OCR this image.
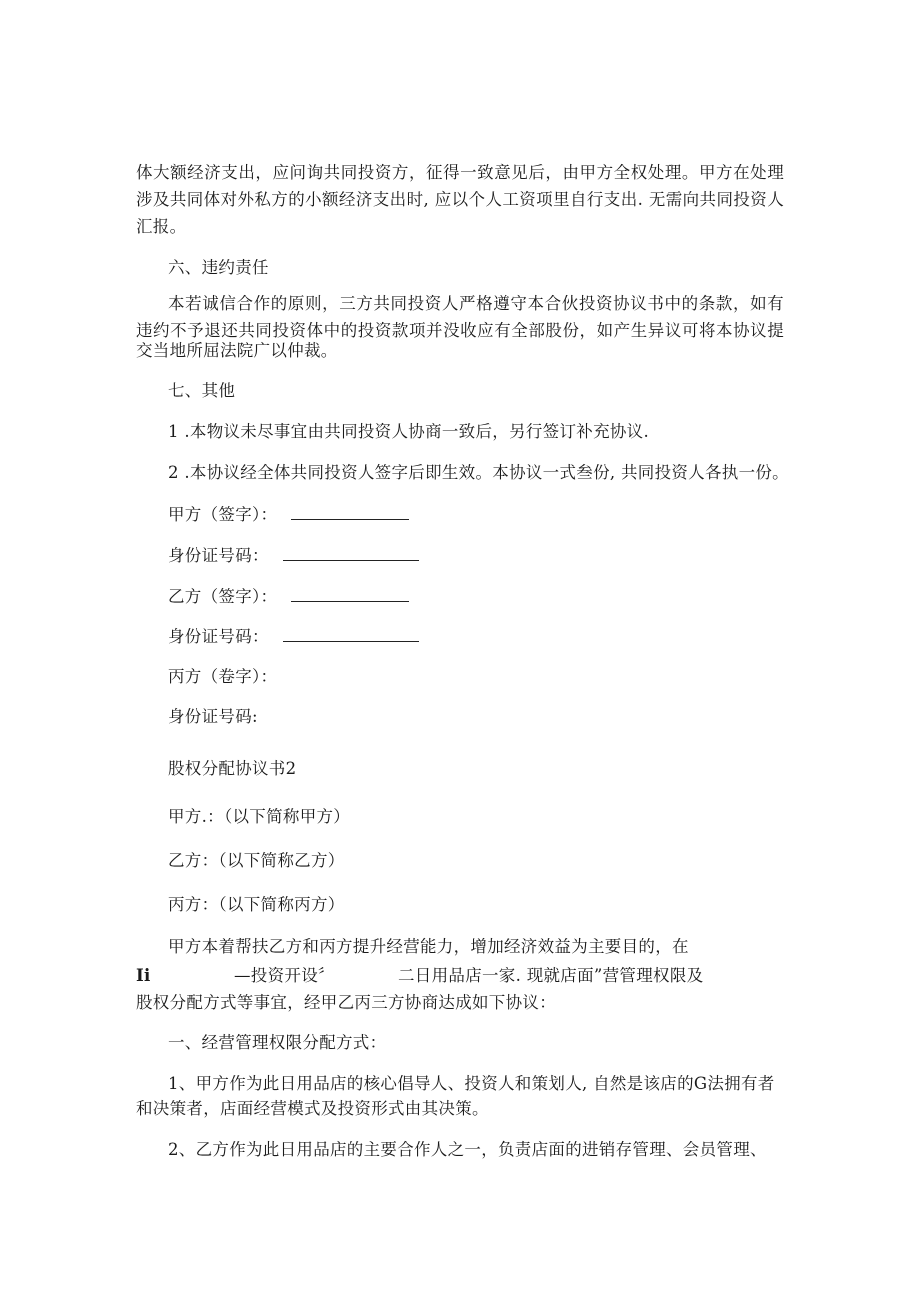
体大额经济支出，应问询共同投资方，征得一致意见后，由甲方全权处理。甲方在处理
涉及共同体对外私方的小额经济支出时, 应以个人工资项里自行支出. 无需向共同投资人
汇报。
六、违约责任
本若诚信合作的原则，三方共同投资人严格遵守本合伙投资协议书中的条款，如有
违约不予退还共同投资体中的投资款项并没收应有全部股份，如产生异议可将本协议提
交当地所屈法院广以仲裁。
七、其他
1 .本物议未尽事宜由共同投资人协商一致后，另行签订补充协议.
2 .本协议经全体共同投资人签字后即生效。本协议一式叁份, 共同投资人各执一份。
甲方（签字）：
身份证号码：
乙方（签字）：
身份证号码：
丙方（卷字）：
身份证号码:
股权分配协议书2
甲方.：（以下简称甲方）
乙方：（以下简称乙方）
丙方：（以下简称丙方）
甲方本着帮扶乙方和丙方提升经营能力，增加经济效益为主要目的，在
Ii	—投资开设〞	二日用品店一家. 现就店面”营管理权限及
股权分配方式等事宜，经甲乙丙三方协商达成如下协议：
一、经营管理权限分配方式：
1、甲方作为此日用品店的核心倡导人、投资人和策划人, 自然是该店的G法拥有者
和决策者，店面经营模式及投资形式由其决策。
2、乙方作为此日用品店的主要合作人之一，负责店面的进销存管理、会员管理、
